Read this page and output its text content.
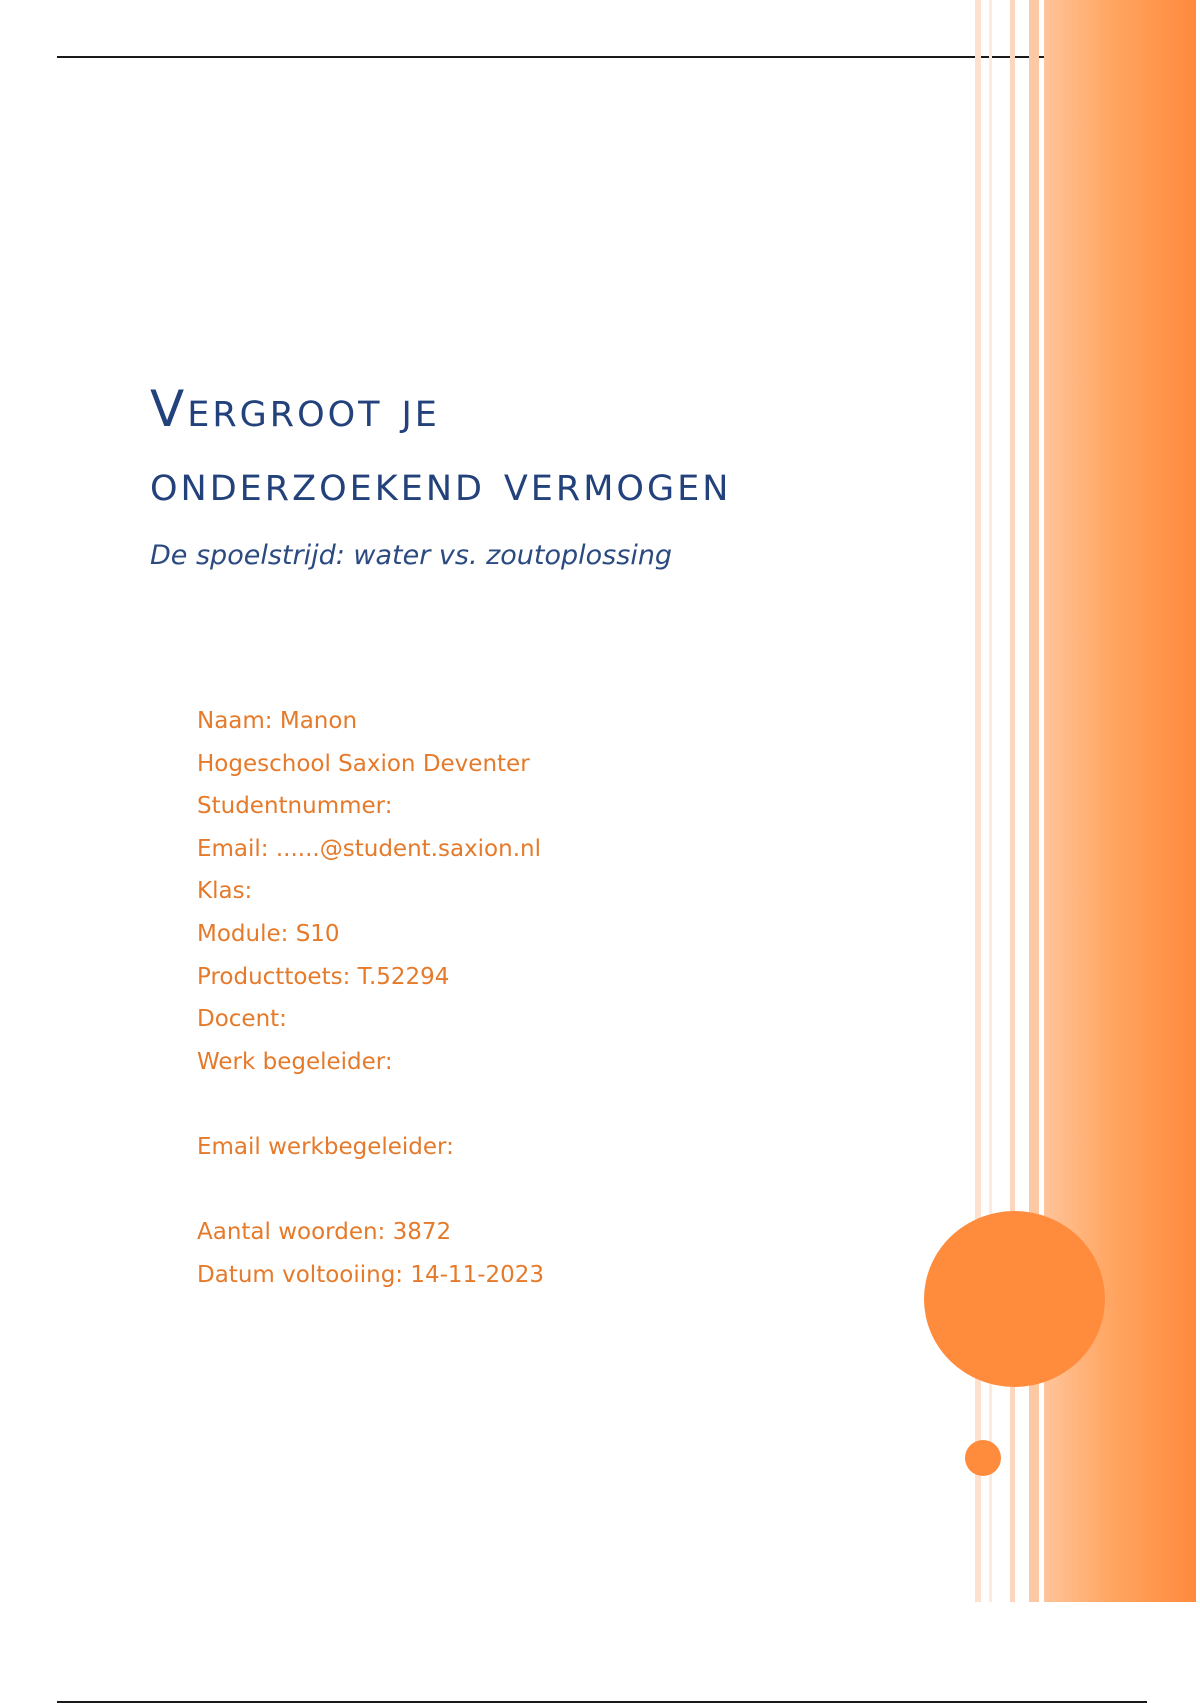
Vergroot je
onderzoekend vermogen

De spoelstrijd: water vs. zoutoplossing

Naam: Manon
Hogeschool Saxion Deventer
Studentnummer:
Email: ......@student.saxion.nl
Klas:
Module: S10
Producttoets: T.52294
Docent:
Werk begeleider:
Email werkbegeleider:
Aantal woorden: 3872
Datum voltooiing: 14-11-2023
